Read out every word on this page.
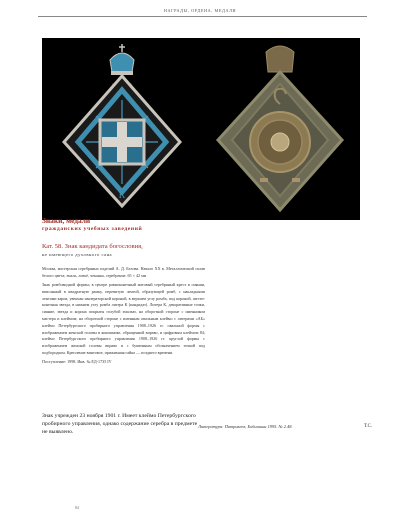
НАГРАДЫ, ОРДЕНА, МЕДАЛИ
К
Знаки, медали
гражданских учебных заведений
Кат. 58. Знак кандидата богословия,
не имеющего духовного сана

Москва, мастерская серебряных изделий А. Д. Белова. Начало XX в. Металлический сплав белого цвета; эмаль, литьё, чеканка, серебрение. 65 × 42 мм

Знак ромбовидной формы; в центре равноконечный матовый серебряный крест в сиянии, вписанный в квадратную рамку, перевитую лентой, образующей ромб, с накладными лентами кариз, увенчан императорской короной, в верхнем углу ромба, под короной, шестиконечная звезда, в нижнем углу ромба литера К (кандидат). Литера К, декоративные точки, сияние, звезда и корона покрыты голубой эмалью, на оборотной стороне с именником мастера и клеймом; на оборотной стороне с именным овальным клеймо с литерами «АБ» клеймо Петербургского пробирного управления 1908–1926 гг. овальной формы с изображением женской головы в кокошнике, обращенной вправо, и цифровым клеймом 84; клеймо Петербургского пробирного управления 1908–1926 гг. круглой формы с изображением женской головы вправо и с буквенным обозначением точкой под подбородком. Крепление винтовое, прижимная гайка — позднего времени.

Поступление: 1998. Инв. № ЕД-1735 IV

Знак учрежден 23 ноября 1901 г. Имеет клеймо Петербургского пробирного управления, однако содержание серебра в предмете не выявлено.
Литература: Патрикеев, Бобиашин 1995. № 2.48.	Т.С.
84
